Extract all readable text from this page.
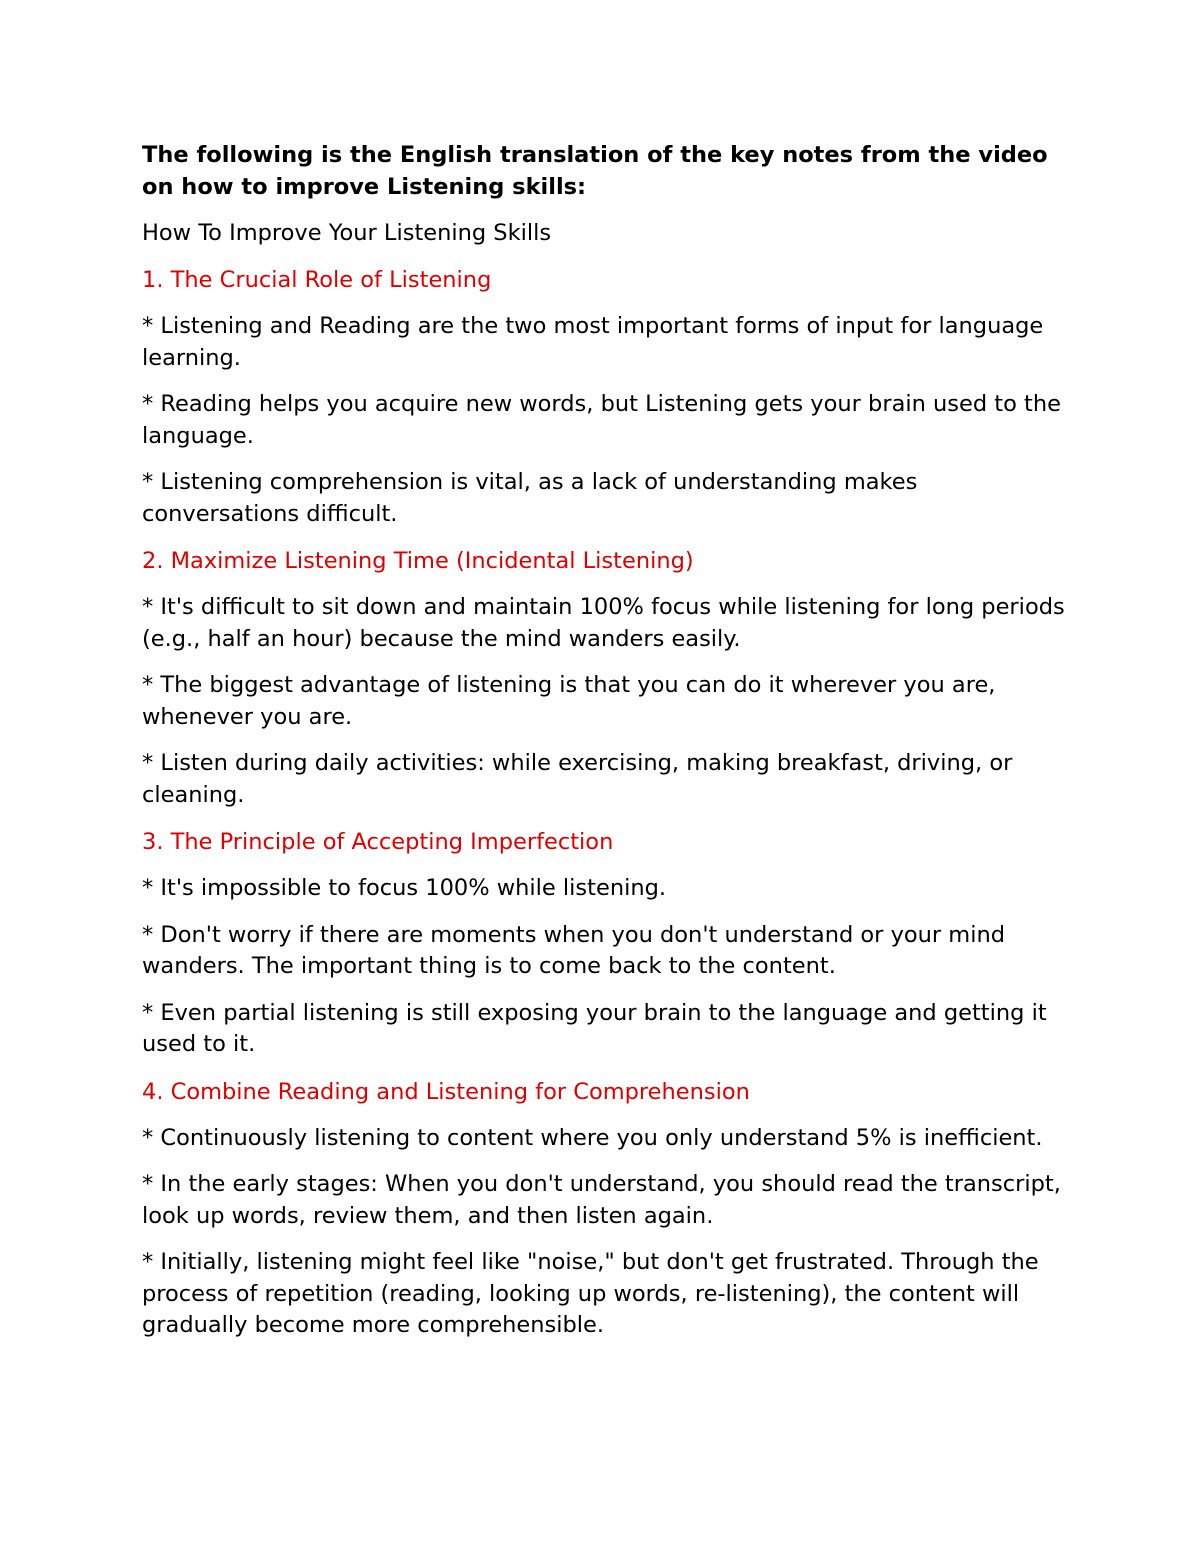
The following is the English translation of the key notes from the video on how to improve Listening skills:

How To Improve Your Listening Skills

1. The Crucial Role of Listening

* Listening and Reading are the two most important forms of input for language learning.

* Reading helps you acquire new words, but Listening gets your brain used to the language.

* Listening comprehension is vital, as a lack of understanding makes conversations difficult.

2. Maximize Listening Time (Incidental Listening)

* It's difficult to sit down and maintain 100% focus while listening for long periods (e.g., half an hour) because the mind wanders easily.

* The biggest advantage of listening is that you can do it wherever you are, whenever you are.

* Listen during daily activities: while exercising, making breakfast, driving, or cleaning.

3. The Principle of Accepting Imperfection

* It's impossible to focus 100% while listening.

* Don't worry if there are moments when you don't understand or your mind wanders. The important thing is to come back to the content.

* Even partial listening is still exposing your brain to the language and getting it used to it.

4. Combine Reading and Listening for Comprehension

* Continuously listening to content where you only understand 5% is inefficient.

* In the early stages: When you don't understand, you should read the transcript, look up words, review them, and then listen again.

* Initially, listening might feel like "noise," but don't get frustrated. Through the process of repetition (reading, looking up words, re-listening), the content will gradually become more comprehensible.
